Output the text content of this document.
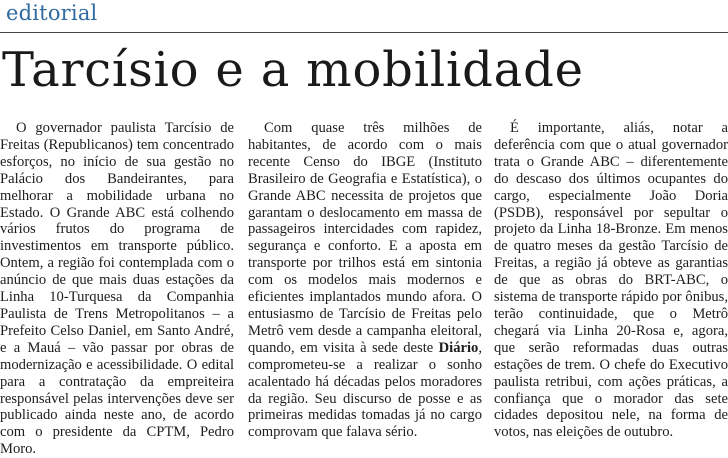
editorial
Tarcísio e a mobilidade

O governador paulista Tarcísio de Freitas (Republicanos) tem concentrado esforços, no início de sua gestão no Palácio dos Bandeirantes, para melhorar a mobilidade urbana no Estado. O Grande ABC está colhendo vários frutos do programa de investimentos em transporte público. Ontem, a região foi contemplada com o anúncio de que mais duas estações da Linha 10-Turquesa da Companhia Paulista de Trens Metropolitanos – a Prefeito Celso Daniel, em Santo André, e a Mauá – vão passar por obras de modernização e acessibilidade. O edital para a contratação da empreiteira responsável pelas intervenções deve ser publicado ainda neste ano, de acordo com o presidente da CPTM, Pedro Moro.

Com quase três milhões de habitantes, de acordo com o mais recente Censo do IBGE (Instituto Brasileiro de Geografia e Estatística), o Grande ABC necessita de projetos que garantam o deslocamento em massa de passageiros intercidades com rapidez, segurança e conforto. E a aposta em transporte por trilhos está em sintonia com os modelos mais modernos e eficientes implantados mundo afora. O entusiasmo de Tarcísio de Freitas pelo Metrô vem desde a campanha eleitoral, quando, em visita à sede deste Diário, comprometeu-se a realizar o sonho acalentado há décadas pelos moradores da região. Seu discurso de posse e as primeiras medidas tomadas já no cargo comprovam que falava sério.

É importante, aliás, notar a deferência com que o atual governador trata o Grande ABC – diferentemente do descaso dos últimos ocupantes do cargo, especialmente João Doria (PSDB), responsável por sepultar o projeto da Linha 18-Bronze. Em menos de quatro meses da gestão Tarcísio de Freitas, a região já obteve as garantias de que as obras do BRT-ABC, o sistema de transporte rápido por ônibus, terão continuidade, que o Metrô chegará via Linha 20-Rosa e, agora, que serão reformadas duas outras estações de trem. O chefe do Executivo paulista retribui, com ações práticas, a confiança que o morador das sete cidades depositou nele, na forma de votos, nas eleições de outubro.
